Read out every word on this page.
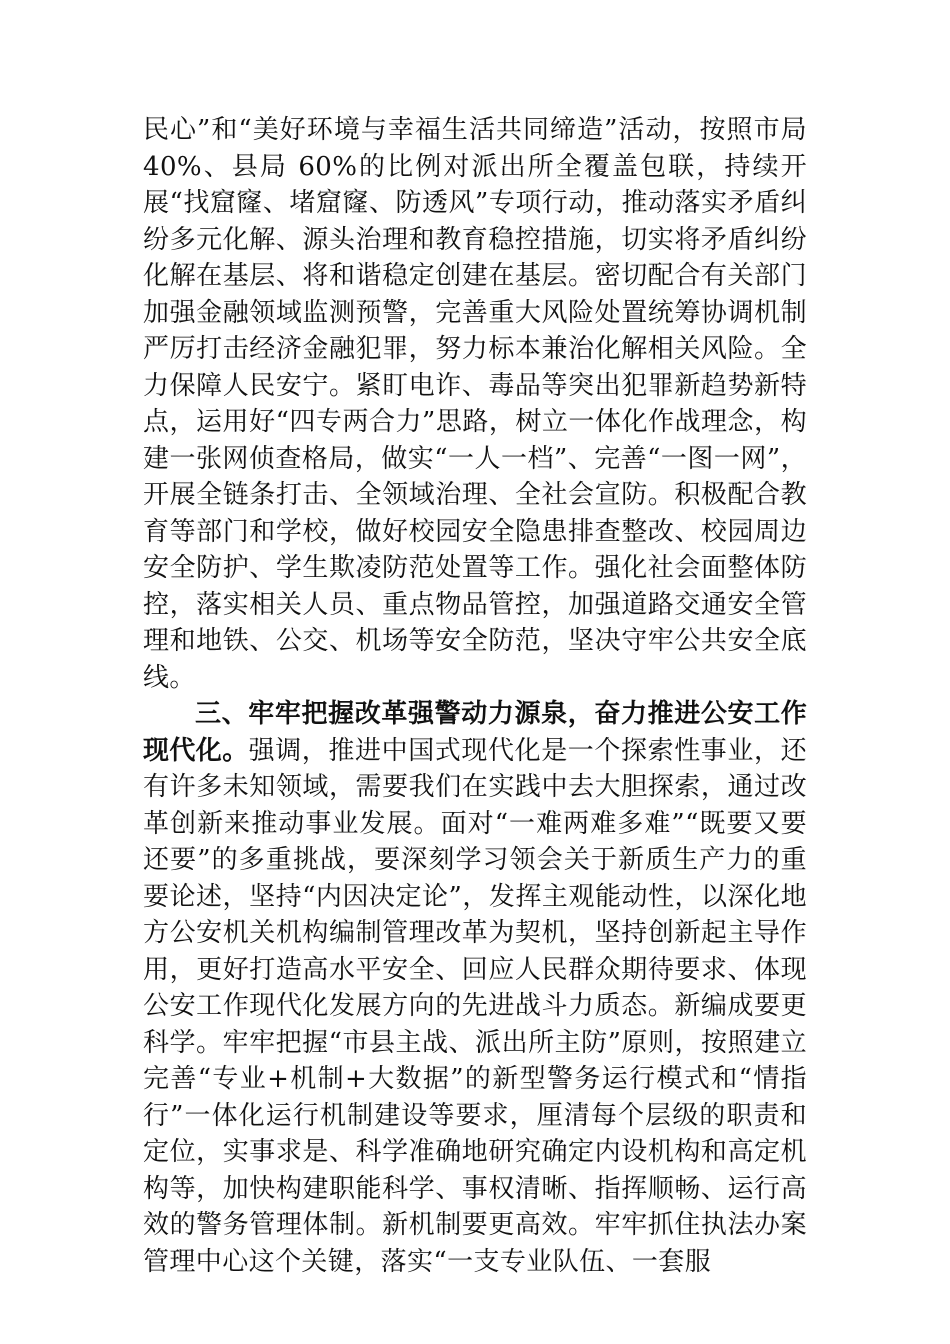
民心”和“美好环境与幸福生活共同缔造”活动，按照市局 40%、县局 60%的比例对派出所全覆盖包联，持续开展“找窟窿、堵窟窿、防透风”专项行动，推动落实矛盾纠纷多元化解、源头治理和教育稳控措施，切实将矛盾纠纷化解在基层、将和谐稳定创建在基层。密切配合有关部门加强金融领域监测预警，完善重大风险处置统筹协调机制严厉打击经济金融犯罪，努力标本兼治化解相关风险。全力保障人民安宁。紧盯电诈、毒品等突出犯罪新趋势新特点，运用好“四专两合力”思路，树立一体化作战理念，构建一张网侦查格局，做实“一人一档”、完善“一图一网”，开展全链条打击、全领域治理、全社会宣防。积极配合教育等部门和学校，做好校园安全隐患排查整改、校园周边安全防护、学生欺凌防范处置等工作。强化社会面整体防控，落实相关人员、重点物品管控，加强道路交通安全管理和地铁、公交、机场等安全防范，坚决守牢公共安全底线。

三、牢牢把握改革强警动力源泉，奋力推进公安工作现代化。强调，推进中国式现代化是一个探索性事业，还有许多未知领域，需要我们在实践中去大胆探索，通过改革创新来推动事业发展。面对“一难两难多难”“既要又要还要”的多重挑战，要深刻学习领会关于新质生产力的重要论述，坚持“内因决定论”，发挥主观能动性，以深化地方公安机关机构编制管理改革为契机，坚持创新起主导作用，更好打造高水平安全、回应人民群众期待要求、体现公安工作现代化发展方向的先进战斗力质态。新编成要更科学。牢牢把握“市县主战、派出所主防”原则，按照建立完善“专业+机制+大数据”的新型警务运行模式和“情指行”一体化运行机制建设等要求，厘清每个层级的职责和定位，实事求是、科学准确地研究确定内设机构和高定机构等，加快构建职能科学、事权清晰、指挥顺畅、运行高效的警务管理体制。新机制要更高效。牢牢抓住执法办案管理中心这个关键，落实“一支专业队伍、一套服
